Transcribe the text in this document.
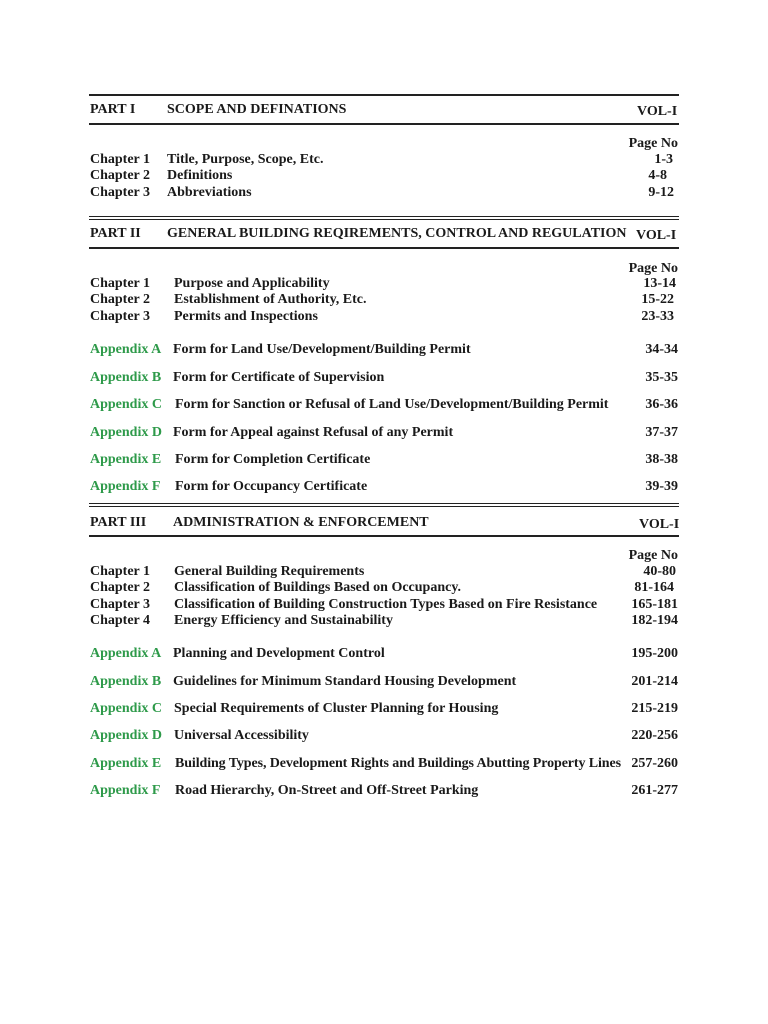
PART I SCOPE AND DEFINATIONS	VOL-I
Page No
Chapter 1 Title, Purpose, Scope, Etc.	1-3
Chapter 2 Definitions	4-8
Chapter 3 Abbreviations	9-12
PART II GENERAL BUILDING REQIREMENTS, CONTROL AND REGULATION VOL-I
Page No
Chapter 1 Purpose and Applicability	13-14
Chapter 2 Establishment of Authority, Etc.	15-22
Chapter 3 Permits and Inspections	23-33
Appendix A Form for Land Use/Development/Building Permit	34-34
Appendix B Form for Certificate of Supervision	35-35
Appendix C Form for Sanction or Refusal of Land Use/Development/Building Permit	36-36
Appendix D Form for Appeal against Refusal of any Permit	37-37
Appendix E Form for Completion Certificate	38-38
Appendix F Form for Occupancy Certificate	39-39
PART III ADMINISTRATION & ENFORCEMENT	VOL-I
Page No
Chapter 1 General Building Requirements	40-80
Chapter 2 Classification of Buildings Based on Occupancy.	81-164
Chapter 3 Classification of Building Construction Types Based on Fire Resistance 165-181
Chapter 4 Energy Efficiency and Sustainability	182-194
Appendix A Planning and Development Control	195-200
Appendix B Guidelines for Minimum Standard Housing Development	201-214
Appendix C Special Requirements of Cluster Planning for Housing	215-219
Appendix D Universal Accessibility	220-256
Appendix E Building Types, Development Rights and Buildings Abutting Property Lines 257-260
Appendix F Road Hierarchy, On-Street and Off-Street Parking	261-277
